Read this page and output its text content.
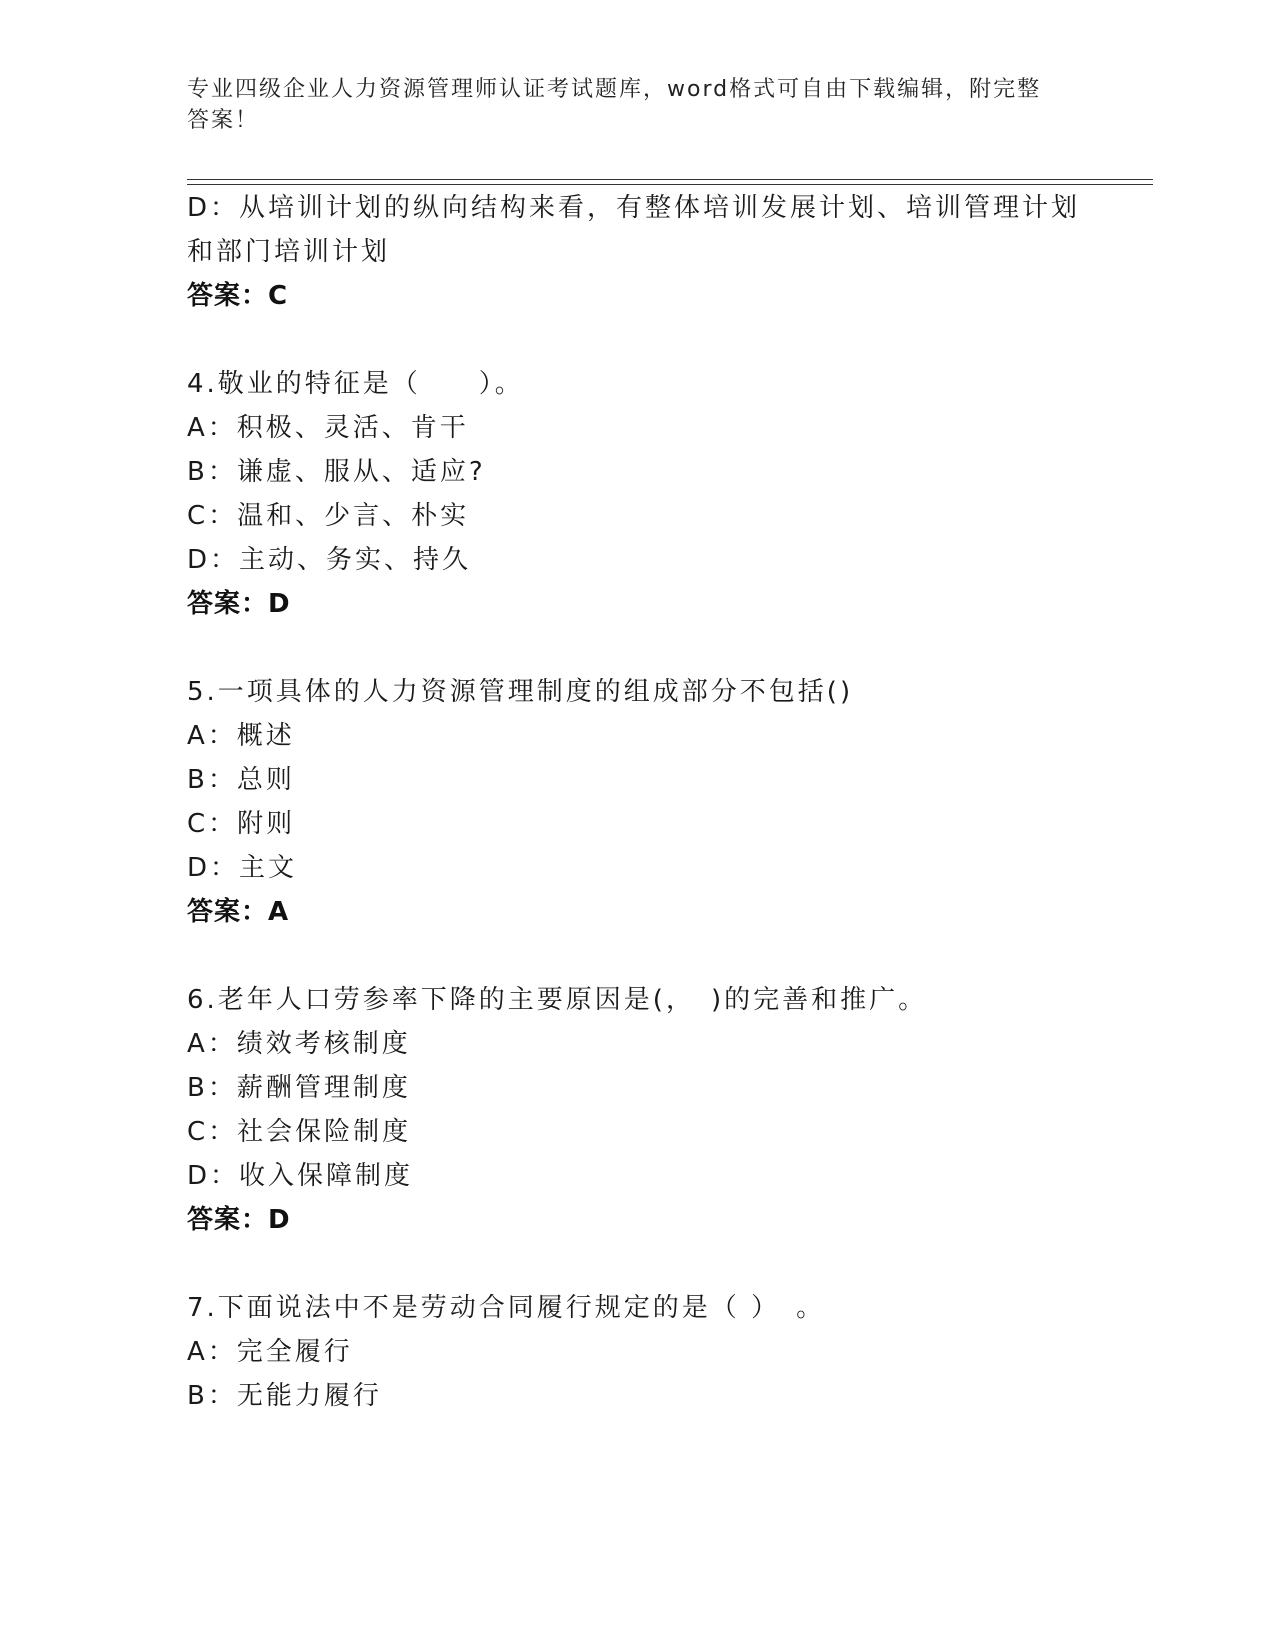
专业四级企业人力资源管理师认证考试题库，word格式可自由下载编辑，附完整
答案！
D：从培训计划的纵向结构来看，有整体培训发展计划、培训管理计划
和部门培训计划
答案：C
4.敬业的特征是（　　）。
A：积极、灵活、肯干
B：谦虚、服从、适应?
C：温和、少言、朴实
D：主动、务实、持久
答案：D
5.一项具体的人力资源管理制度的组成部分不包括()
A：概述
B：总则
C：附则
D：主文
答案：A
6.老年人口劳参率下降的主要原因是(，　)的完善和推广。
A：绩效考核制度
B：薪酬管理制度
C：社会保险制度
D：收入保障制度
答案：D
7.下面说法中不是劳动合同履行规定的是（ ）　。
A：完全履行
B：无能力履行
